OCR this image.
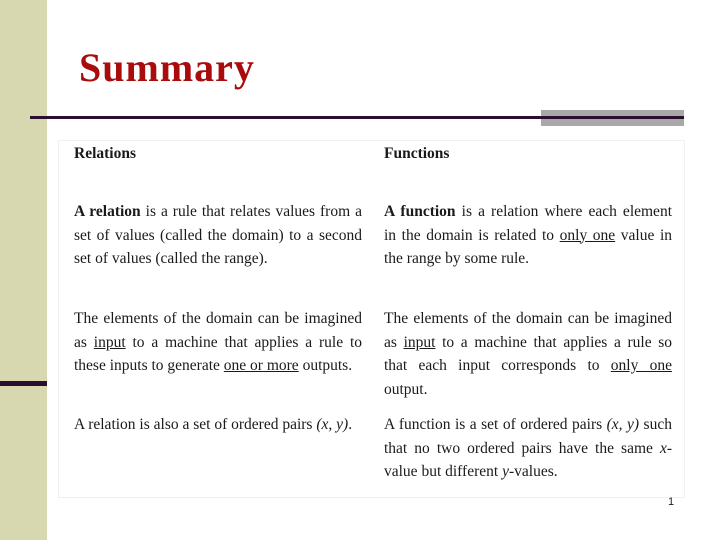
Summary
Relations

A relation is a rule that relates values from a set of values (called the domain) to a second set of values (called the range).

The elements of the domain can be imagined as input to a machine that applies a rule to these inputs to generate one or more outputs.

A relation is also a set of ordered pairs (x, y).

Functions

A function is a relation where each element in the domain is related to only one value in the range by some rule.

The elements of the domain can be imagined as input to a machine that applies a rule so that each input corresponds to only one output.

A function is a set of ordered pairs (x, y) such that no two ordered pairs have the same x-value but different y-values.

1
